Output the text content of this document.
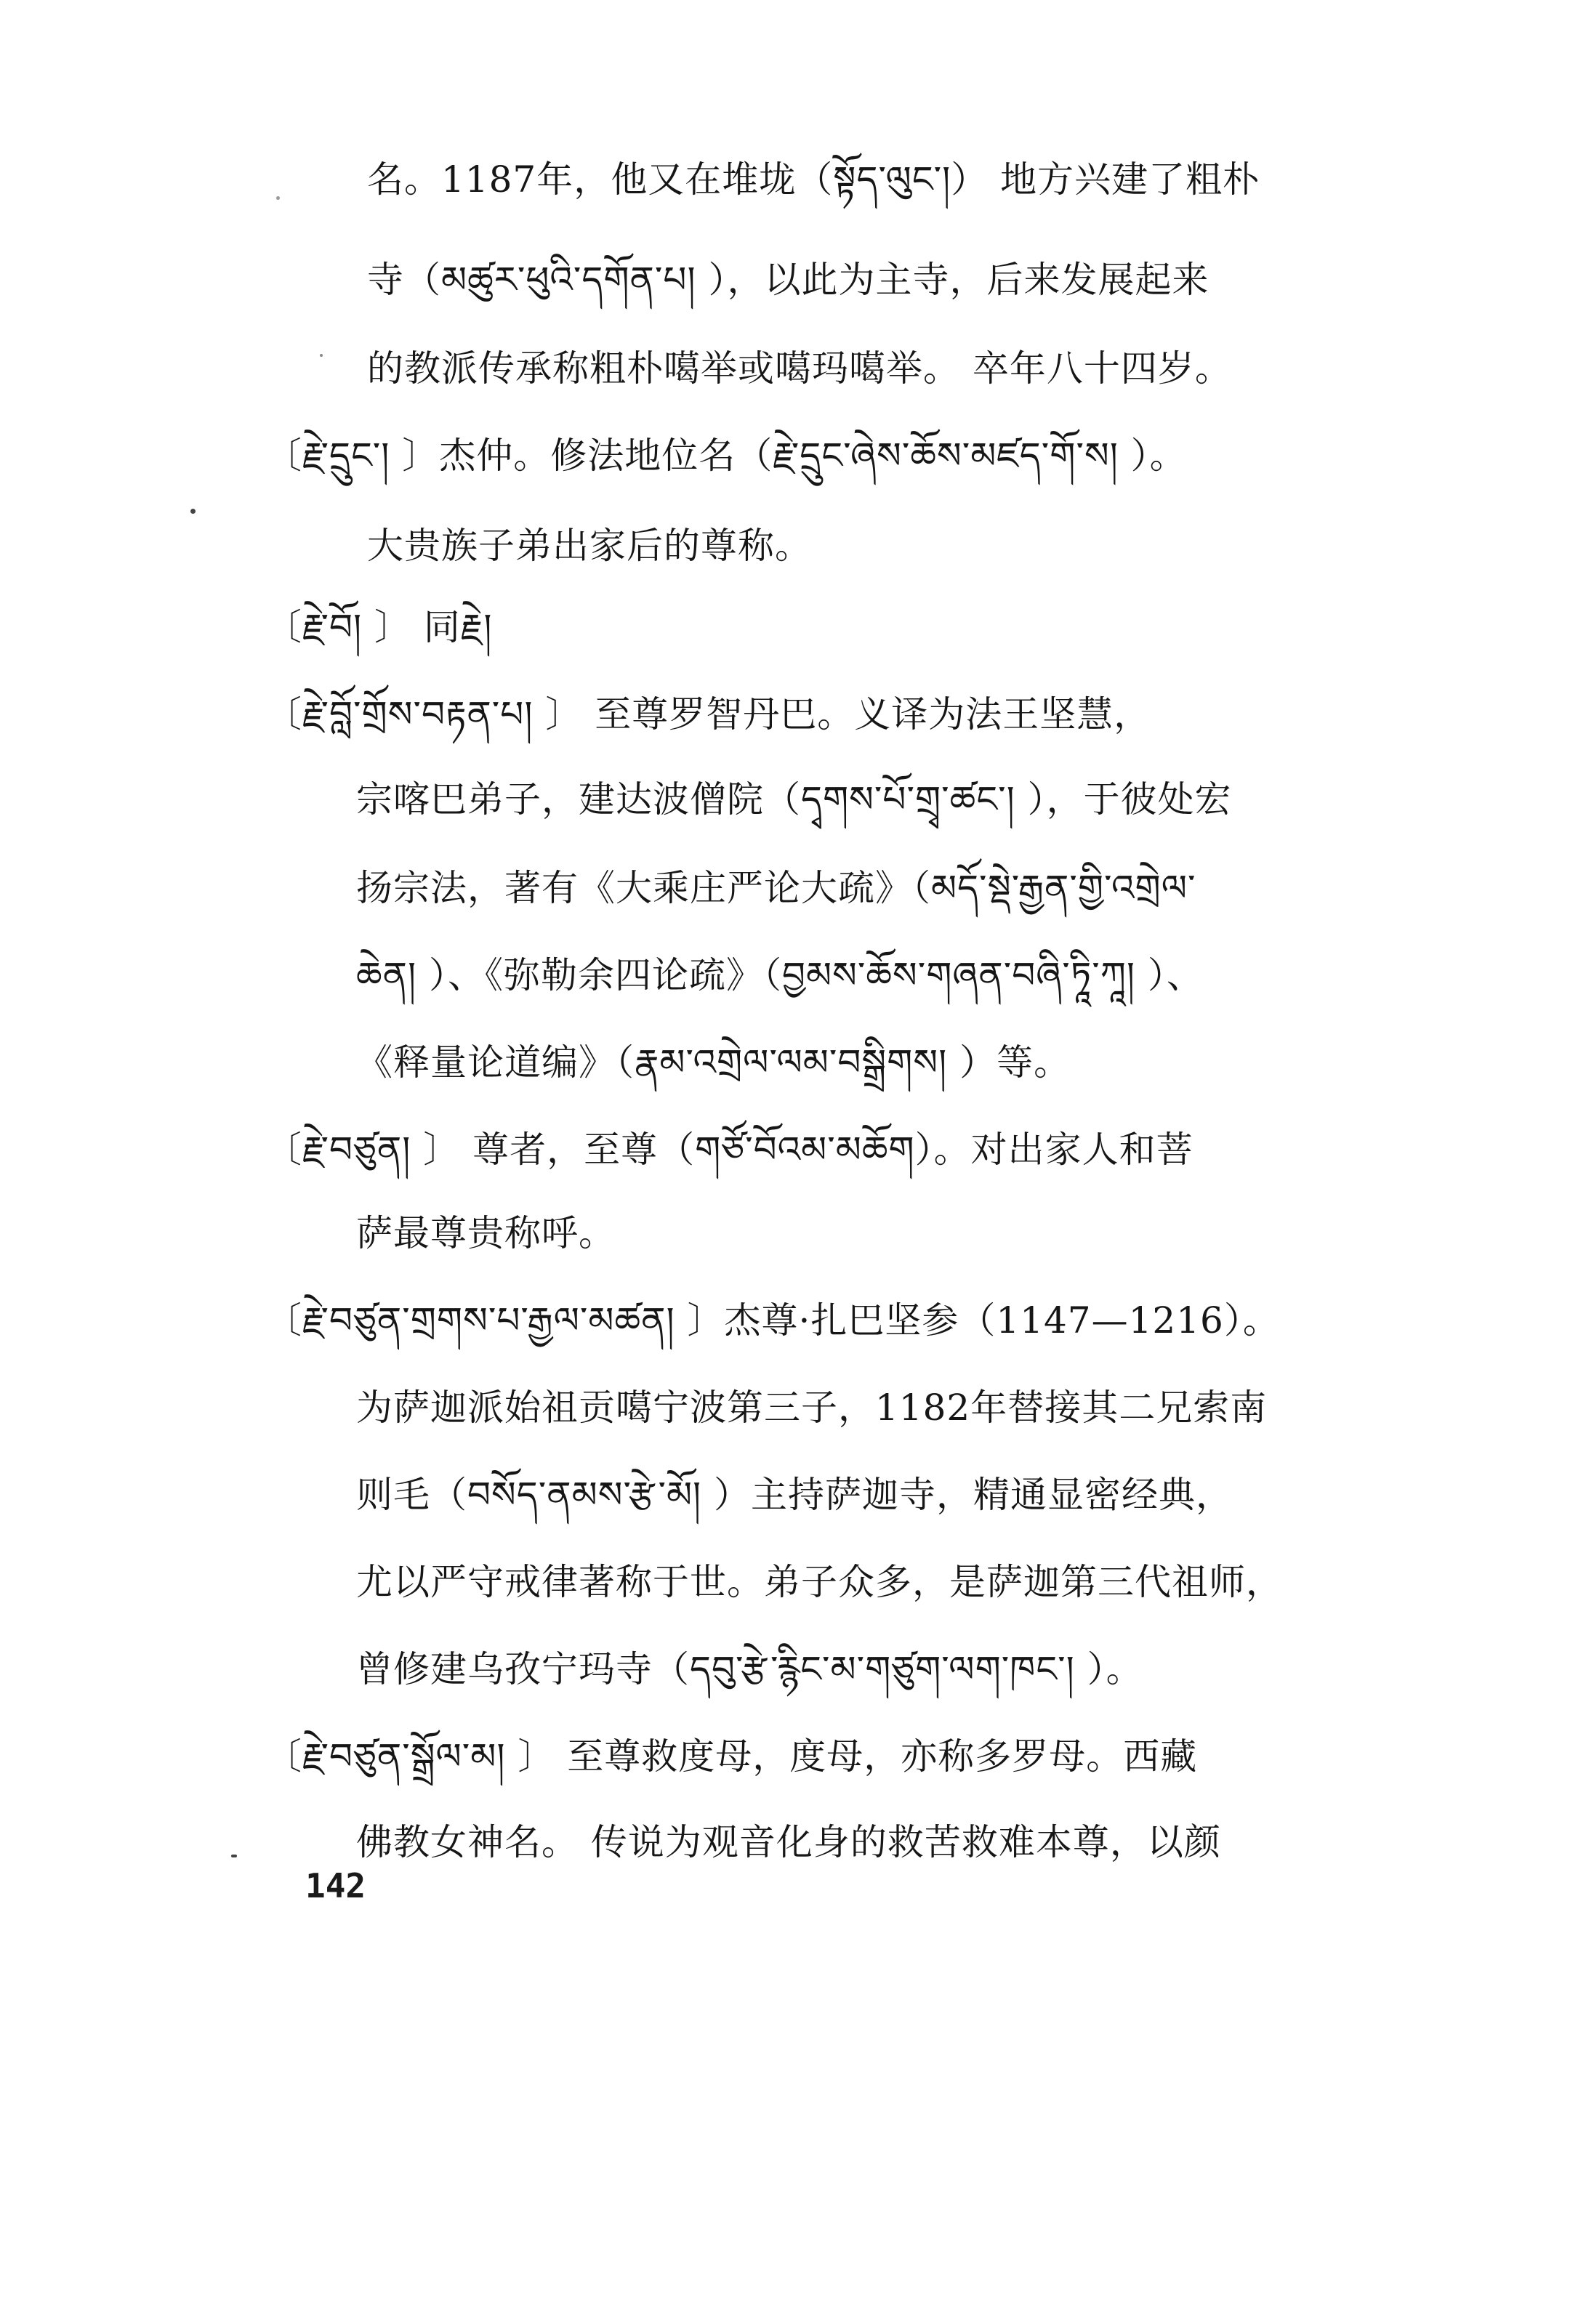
名。1187年，他又在堆垅（སྟོད་ལུང་།） 地方兴建了粗朴
寺（མཚུར་ཕུའི་དགོན་པ། ），以此为主寺，后来发展起来
的教派传承称粗朴噶举或噶玛噶举。 卒年八十四岁。
〔རྗེ་དྲུང་། 〕杰仲。修法地位名（རྗེ་དྲུང་ཞེས་ཆོས་མཛད་གོ་ས། ）。
大贵族子弟出家后的尊称。
〔རྗེ་བོ། 〕 同རྗེ།
〔རྗེ་བློ་གྲོས་བརྟན་པ། 〕 至尊罗智丹巴。义译为法王坚慧，
宗喀巴弟子，建达波僧院（དྭགས་པོ་གྲྭ་ཚང་། ），于彼处宏
扬宗法，著有《大乘庄严论大疏》（མདོ་སྡེ་རྒྱན་གྱི་འགྲེལ་
ཆེན། ）、《弥勒余四论疏》（བྱམས་ཆོས་གཞན་བཞི་ཏཱི་ཀཱ། ）、
《释量论道编》（རྣམ་འགྲེལ་ལམ་བསྒྲིགས། ）等。
〔རྗེ་བཙུན། 〕 尊者，至尊（གཙོ་བོའམ་མཆོག）。对出家人和菩
萨最尊贵称呼。
〔རྗེ་བཙུན་གྲགས་པ་རྒྱལ་མཚན། 〕杰尊·扎巴坚参（1147—1216）。
为萨迦派始祖贡噶宁波第三子，1182年替接其二兄索南
则毛（བསོད་ནམས་རྩེ་མོ། ）主持萨迦寺，精通显密经典，
尤以严守戒律著称于世。弟子众多，是萨迦第三代祖师，
曾修建乌孜宁玛寺（དབུ་རྩེ་རྙིང་མ་གཙུག་ལག་ཁང་། ）。
〔རྗེ་བཙུན་སྒྲོལ་མ། 〕 至尊救度母，度母，亦称多罗母。西藏
佛教女神名。 传说为观音化身的救苦救难本尊，以颜
142
